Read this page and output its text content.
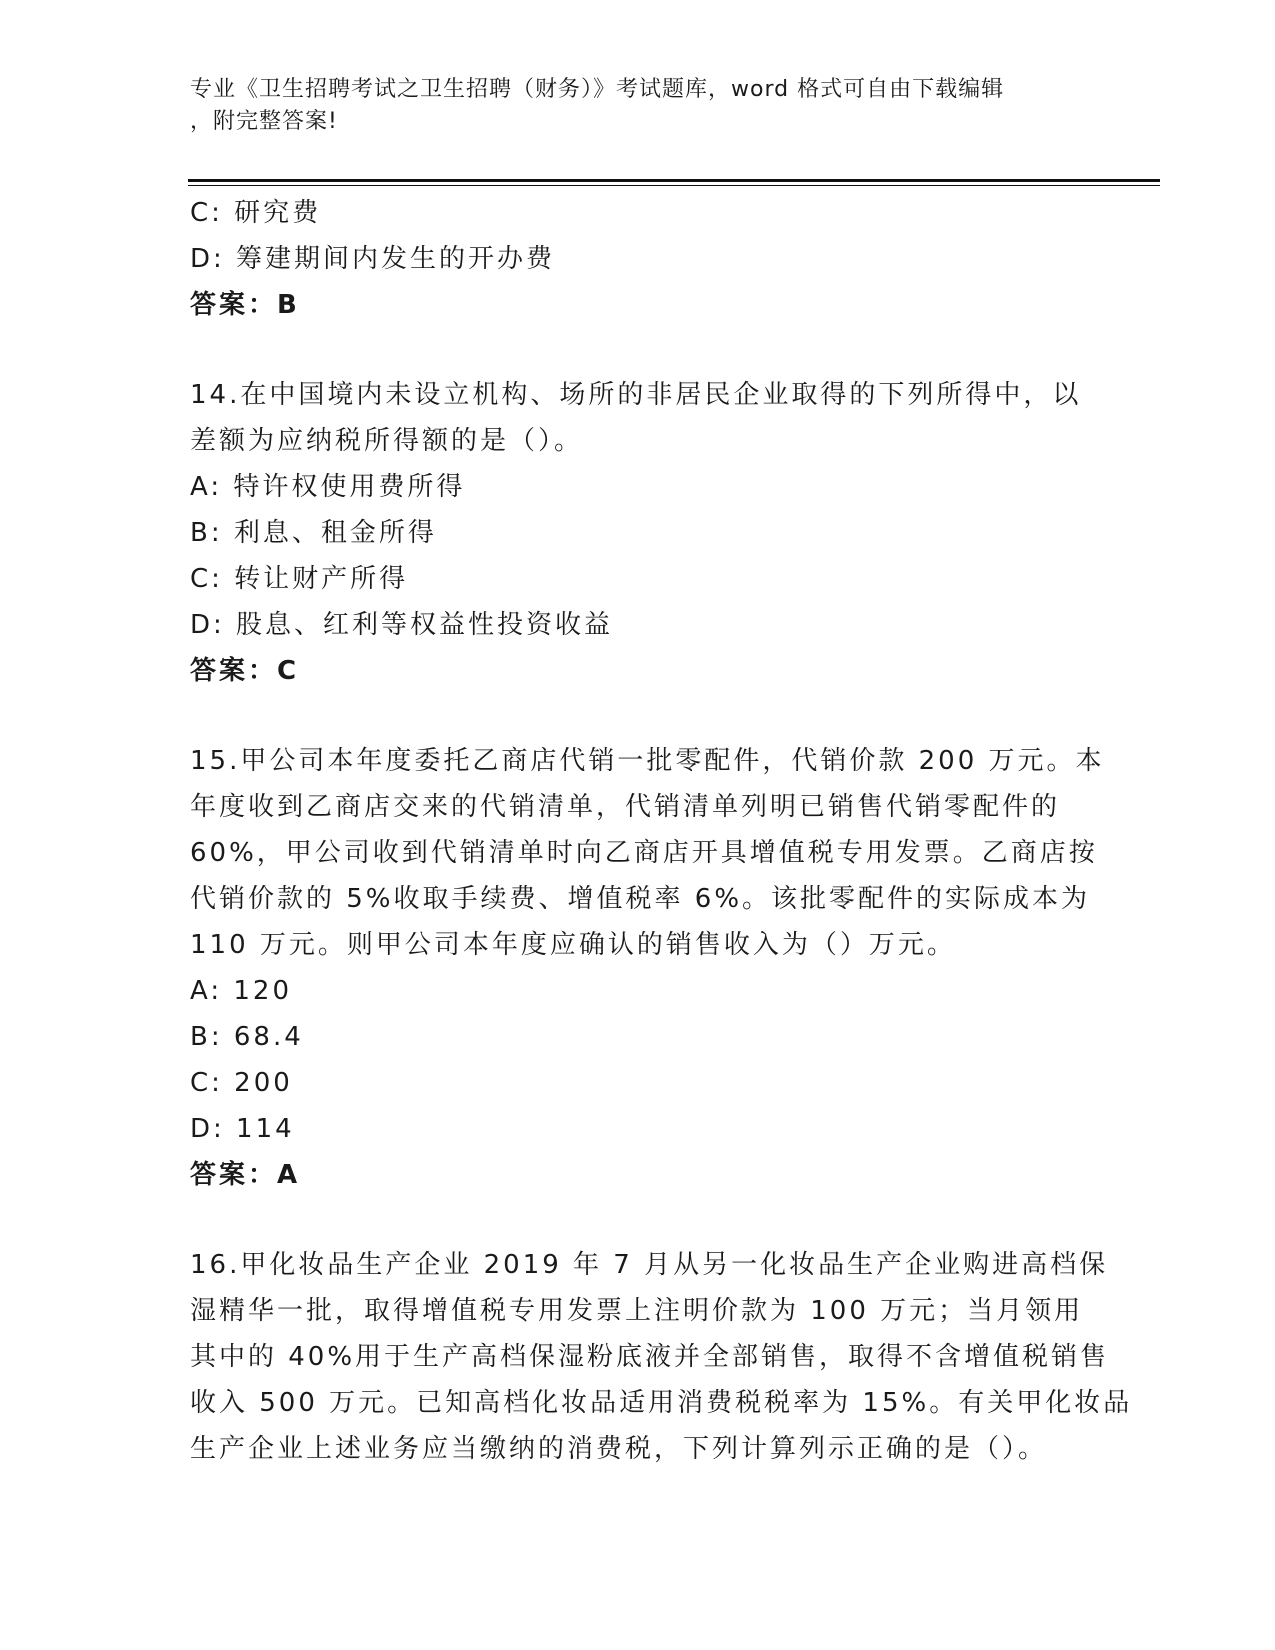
专业《卫生招聘考试之卫生招聘（财务）》考试题库，word 格式可自由下载编辑
，附完整答案!
C: 研究费
D: 筹建期间内发生的开办费
答案：B
14.在中国境内未设立机构、场所的非居民企业取得的下列所得中，以
差额为应纳税所得额的是（）。
A: 特许权使用费所得
B: 利息、租金所得
C: 转让财产所得
D: 股息、红利等权益性投资收益
答案：C
15.甲公司本年度委托乙商店代销一批零配件，代销价款 200 万元。本
年度收到乙商店交来的代销清单，代销清单列明已销售代销零配件的
60%，甲公司收到代销清单时向乙商店开具增值税专用发票。乙商店按
代销价款的 5%收取手续费、增值税率 6%。该批零配件的实际成本为
110 万元。则甲公司本年度应确认的销售收入为（）万元。
A: 120
B: 68.4
C: 200
D: 114
答案：A
16.甲化妆品生产企业 2019 年 7 月从另一化妆品生产企业购进高档保
湿精华一批，取得增值税专用发票上注明价款为 100 万元；当月领用
其中的 40%用于生产高档保湿粉底液并全部销售，取得不含增值税销售
收入 500 万元。已知高档化妆品适用消费税税率为 15%。有关甲化妆品
生产企业上述业务应当缴纳的消费税，下列计算列示正确的是（）。
